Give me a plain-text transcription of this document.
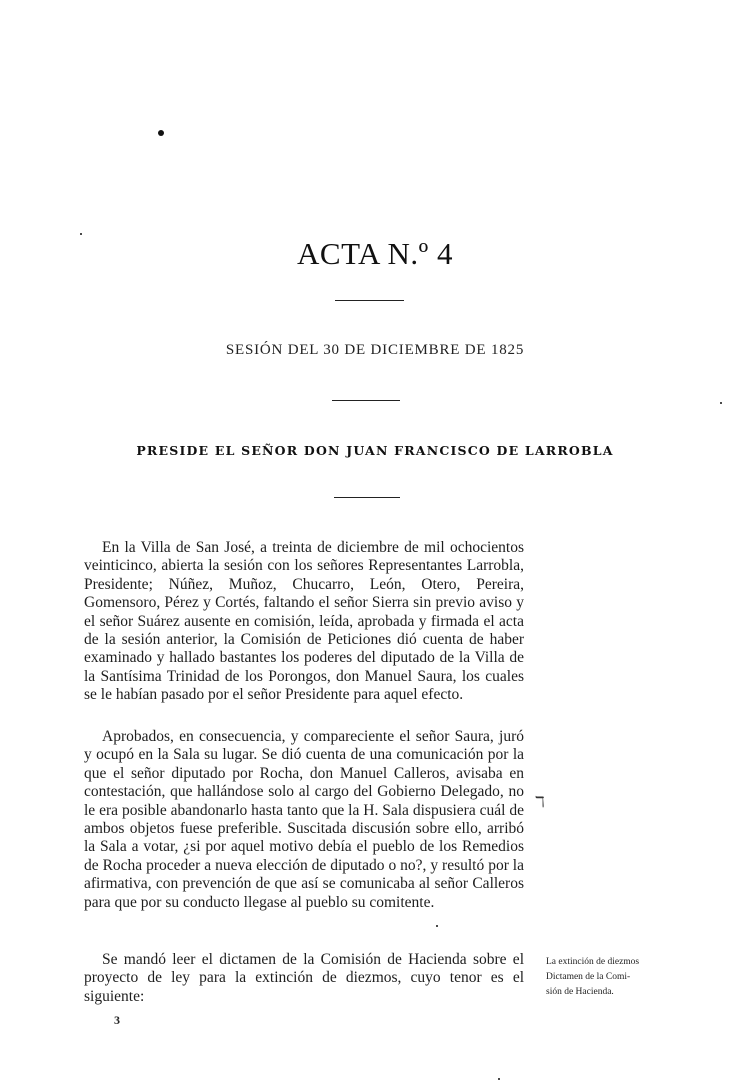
ACTA N.º 4
SESIÓN DEL 30 DE DICIEMBRE DE 1825
PRESIDE EL SEÑOR DON JUAN FRANCISCO DE LARROBLA

En la Villa de San José, a treinta de diciembre de mil ochocientos veinticinco, abierta la sesión con los señores Representantes Larrobla, Presidente; Núñez, Muñoz, Chucarro, León, Otero, Pereira, Gomensoro, Pérez y Cortés, faltando el señor Sierra sin previo aviso y el señor Suárez ausente en comisión, leída, aprobada y firmada el acta de la sesión anterior, la Comisión de Peticiones dió cuenta de haber examinado y hallado bastantes los poderes del diputado de la Villa de la Santísima Trinidad de los Porongos, don Manuel Saura, los cuales se le habían pasado por el señor Presidente para aquel efecto.

Aprobados, en consecuencia, y compareciente el señor Saura, juró y ocupó en la Sala su lugar. Se dió cuenta de una comunicación por la que el señor diputado por Rocha, don Manuel Calleros, avisaba en contestación, que hallándose solo al cargo del Gobierno Delegado, no le era posible abandonarlo hasta tanto que la H. Sala dispusiera cuál de ambos objetos fuese preferible. Suscitada discusión sobre ello, arribó la Sala a votar, ¿si por aquel motivo debía el pueblo de los Remedios de Rocha proceder a nueva elección de diputado o no?, y resultó por la afirmativa, con prevención de que así se comunicaba al señor Calleros para que por su conducto llegase al pueblo su comitente.

ℸ

Se mandó leer el dictamen de la Comisión de Hacienda sobre el proyecto de ley para la extinción de diezmos, cuyo tenor es el siguiente:

La extinción de diezmos
Dictamen de la Comi-
sión de Hacienda.
3
